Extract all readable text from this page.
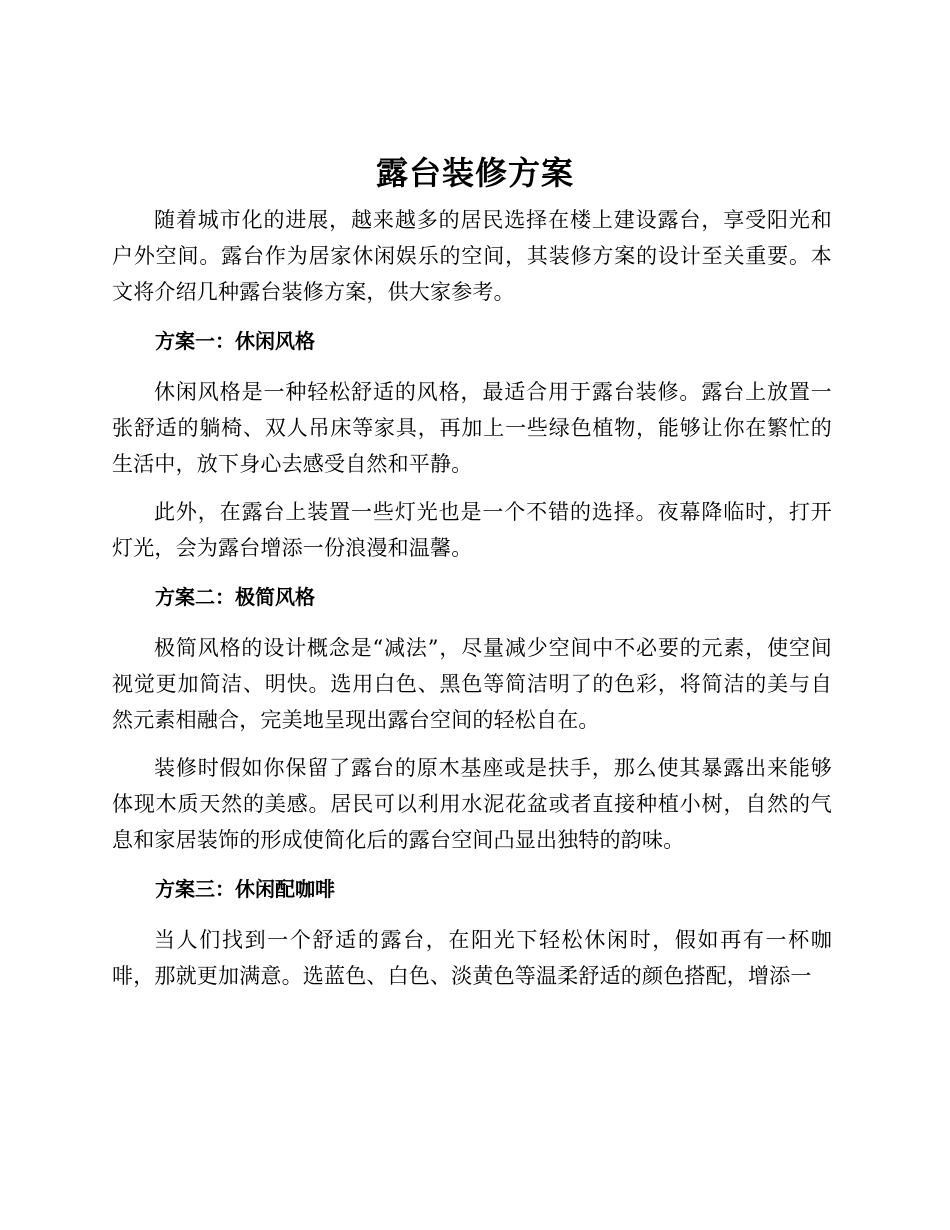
露台装修方案

随着城市化的进展，越来越多的居民选择在楼上建设露台，享受阳光和户外空间。露台作为居家休闲娱乐的空间，其装修方案的设计至关重要。本文将介绍几种露台装修方案，供大家参考。

方案一：休闲风格

休闲风格是一种轻松舒适的风格，最适合用于露台装修。露台上放置一张舒适的躺椅、双人吊床等家具，再加上一些绿色植物，能够让你在繁忙的生活中，放下身心去感受自然和平静。

此外，在露台上装置一些灯光也是一个不错的选择。夜幕降临时，打开灯光，会为露台增添一份浪漫和温馨。

方案二：极简风格

极简风格的设计概念是“减法”，尽量减少空间中不必要的元素，使空间视觉更加简洁、明快。选用白色、黑色等简洁明了的色彩，将简洁的美与自然元素相融合，完美地呈现出露台空间的轻松自在。

装修时假如你保留了露台的原木基座或是扶手，那么使其暴露出来能够体现木质天然的美感。居民可以利用水泥花盆或者直接种植小树，自然的气息和家居装饰的形成使简化后的露台空间凸显出独特的韵味。

方案三：休闲配咖啡

当人们找到一个舒适的露台，在阳光下轻松休闲时，假如再有一杯咖啡，那就更加满意。选蓝色、白色、淡黄色等温柔舒适的颜色搭配，增添一
